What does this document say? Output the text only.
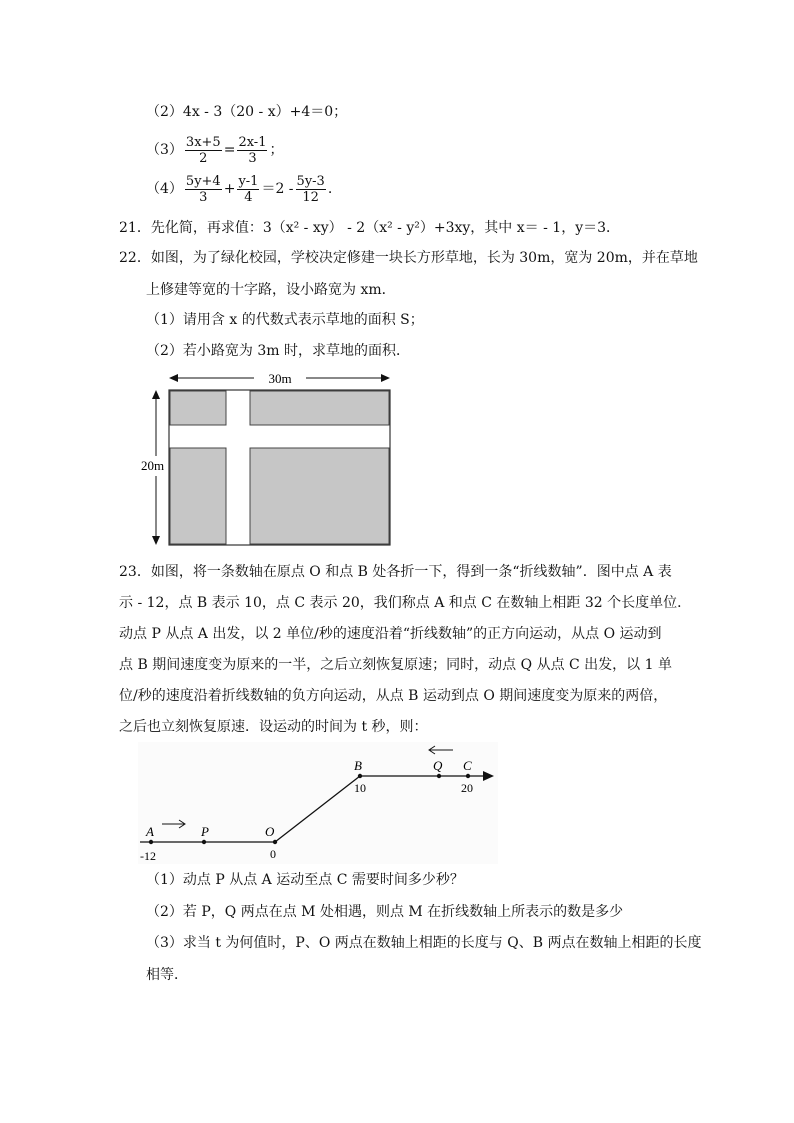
（2）4x - 3（20 - x）+4＝0；
$(3) \frac{3x+5}{2} = \frac{2x-1}{3}$ ；
$(4) \frac{5y+4}{3} + \frac{y-1}{4} =2 - \frac{5y-3}{12}$ .
21．先化简，再求值：3（x² - xy） - 2（x² - y²）+3xy，其中 x＝ - 1，y＝3．
22．如图，为了绿化校园，学校决定修建一块长方形草地，长为 30m，宽为 20m，并在草地
上修建等宽的十字路，设小路宽为 xm．
（1）请用含 x 的代数式表示草地的面积 S；
（2）若小路宽为 3m 时，求草地的面积．
30m
20m
23．如图，将一条数轴在原点 O 和点 B 处各折一下，得到一条“折线数轴”．图中点 A 表
示 - 12，点 B 表示 10，点 C 表示 20，我们称点 A 和点 C 在数轴上相距 32 个长度单位．
动点 P 从点 A 出发，以 2 单位/秒的速度沿着“折线数轴”的正方向运动，从点 O 运动到
点 B 期间速度变为原来的一半，之后立刻恢复原速；同时，动点 Q 从点 C 出发，以 1 单
位/秒的速度沿着折线数轴的负方向运动，从点 B 运动到点 O 期间速度变为原来的两倍，
之后也立刻恢复原速．设运动的时间为 t 秒，则：
A
-12
P	O
0
B
10
Q C
20
（1）动点 P 从点 A 运动至点 C 需要时间多少秒？
（2）若 P，Q 两点在点 M 处相遇，则点 M 在折线数轴上所表示的数是多少
（3）求当 t 为何值时，P、O 两点在数轴上相距的长度与 Q、B 两点在数轴上相距的长度
相等．
